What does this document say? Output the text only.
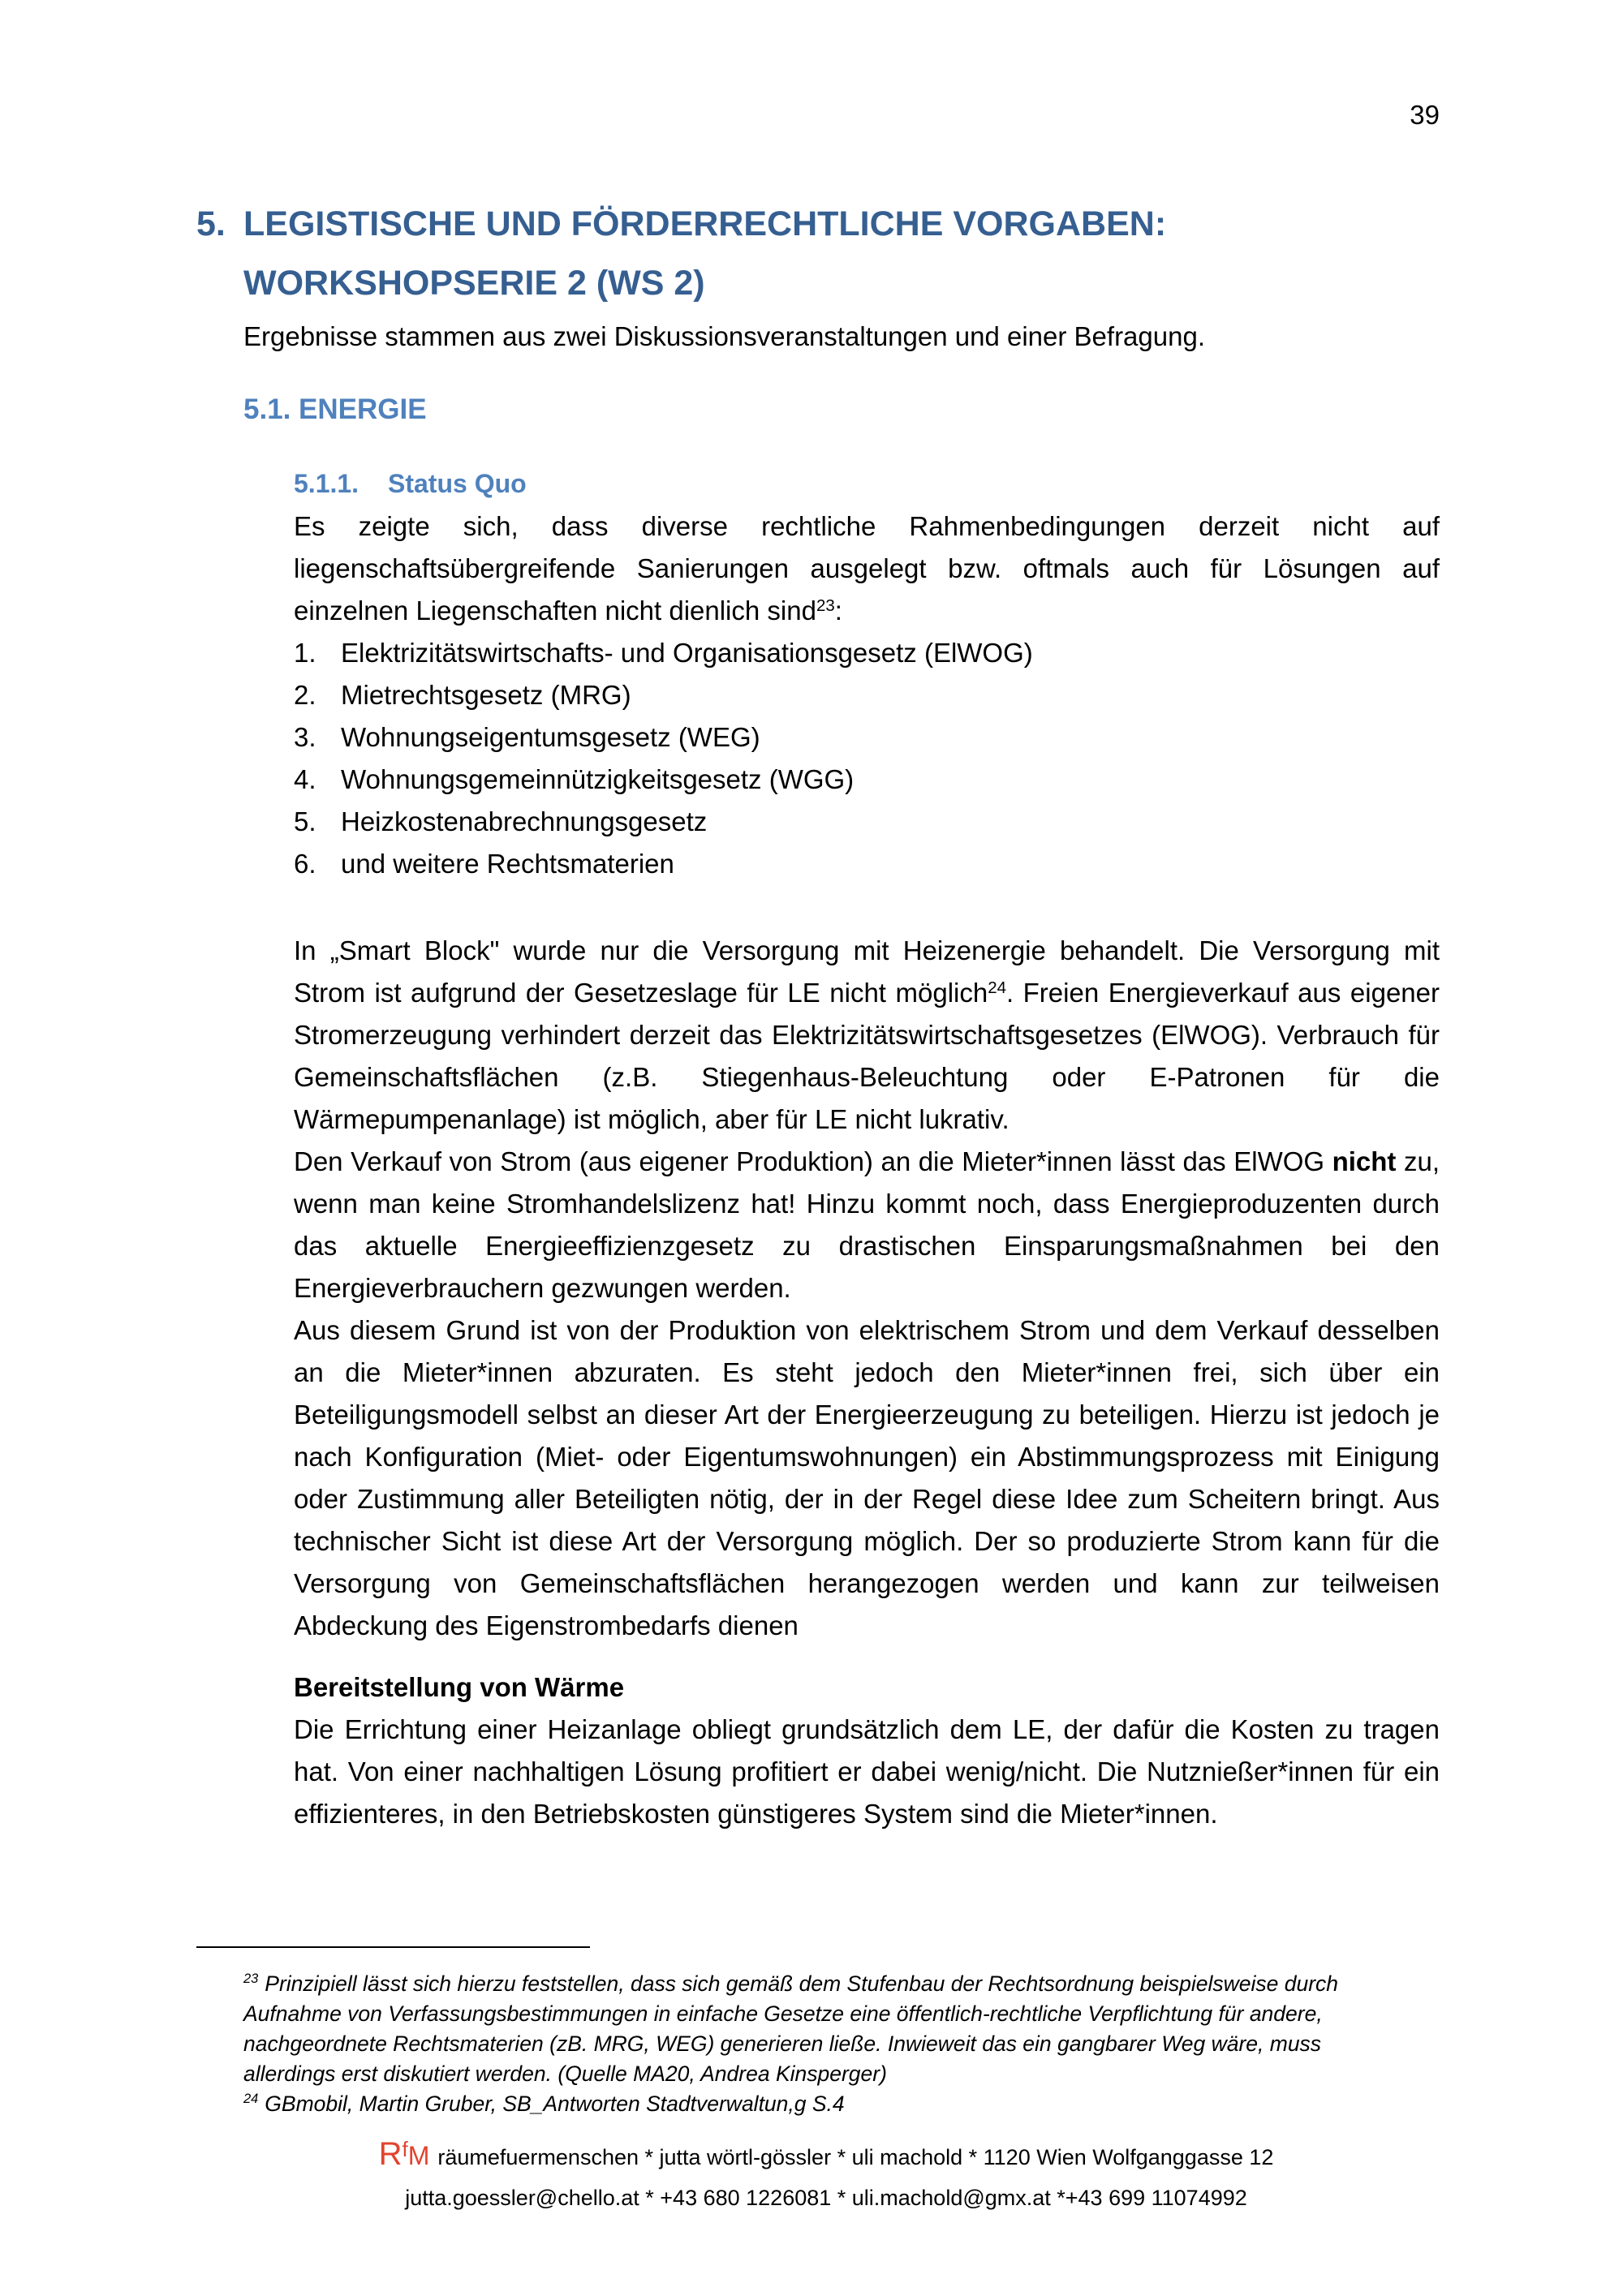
39
5. LEGISTISCHE UND FÖRDERRECHTLICHE VORGABEN:
WORKSHOPSERIE 2 (WS 2)
Ergebnisse stammen aus zwei Diskussionsveranstaltungen und einer Befragung.
5.1. ENERGIE
5.1.1. Status Quo

Es zeigte sich, dass diverse rechtliche Rahmenbedingungen derzeit nicht auf liegenschaftsübergreifende Sanierungen ausgelegt bzw. oftmals auch für Lösungen auf einzelnen Liegenschaften nicht dienlich sind$^{23}$:

1. Elektrizitätswirtschafts- und Organisationsgesetz (ElWOG)
2. Mietrechtsgesetz (MRG)
3. Wohnungseigentumsgesetz (WEG)
4. Wohnungsgemeinnützigkeitsgesetz (WGG)
5. Heizkostenabrechnungsgesetz
6. und weitere Rechtsmaterien

In „Smart Block" wurde nur die Versorgung mit Heizenergie behandelt. Die Versorgung mit Strom ist aufgrund der Gesetzeslage für LE nicht möglich$^{24}$. Freien Energieverkauf aus eigener Stromerzeugung verhindert derzeit das Elektrizitätswirtschaftsgesetzes (ElWOG). Verbrauch für Gemeinschaftsflächen (z.B. Stiegenhaus-Beleuchtung oder E-Patronen für die Wärmepumpenanlage) ist möglich, aber für LE nicht lukrativ.

Den Verkauf von Strom (aus eigener Produktion) an die Mieter*innen lässt das ElWOG nicht zu, wenn man keine Stromhandelslizenz hat! Hinzu kommt noch, dass Energieproduzenten durch das aktuelle Energieeffizienzgesetz zu drastischen Einsparungsmaßnahmen bei den Energieverbrauchern gezwungen werden.

Aus diesem Grund ist von der Produktion von elektrischem Strom und dem Verkauf desselben an die Mieter*innen abzuraten. Es steht jedoch den Mieter*innen frei, sich über ein Beteiligungsmodell selbst an dieser Art der Energieerzeugung zu beteiligen. Hierzu ist jedoch je nach Konfiguration (Miet- oder Eigentumswohnungen) ein Abstimmungsprozess mit Einigung oder Zustimmung aller Beteiligten nötig, der in der Regel diese Idee zum Scheitern bringt. Aus technischer Sicht ist diese Art der Versorgung möglich. Der so produzierte Strom kann für die Versorgung von Gemeinschaftsflächen herangezogen werden und kann zur teilweisen Abdeckung des Eigenstrombedarfs dienen

Bereitstellung von Wärme

Die Errichtung einer Heizanlage obliegt grundsätzlich dem LE, der dafür die Kosten zu tragen hat. Von einer nachhaltigen Lösung profitiert er dabei wenig/nicht. Die Nutznießer*innen für ein effizienteres, in den Betriebskosten günstigeres System sind die Mieter*innen.

$^{23}$ Prinzipiell lässt sich hierzu feststellen, dass sich gemäß dem Stufenbau der Rechtsordnung beispielsweise durch Aufnahme von Verfassungsbestimmungen in einfache Gesetze eine öffentlich-rechtliche Verpflichtung für andere, nachgeordnete Rechtsmaterien (zB. MRG, WEG) generieren ließe. Inwieweit das ein gangbarer Weg wäre, muss allerdings erst diskutiert werden. (Quelle MA20, Andrea Kinsperger)
$^{24}$ GBmobil, Martin Gruber, SB_Antworten Stadtverwaltun,g S.4
RfM räumefuermenschen * jutta wörtl-gössler * uli machold * 1120 Wien Wolfganggasse 12
jutta.goessler@chello.at * +43 680 1226081 * uli.machold@gmx.at *+43 699 11074992
